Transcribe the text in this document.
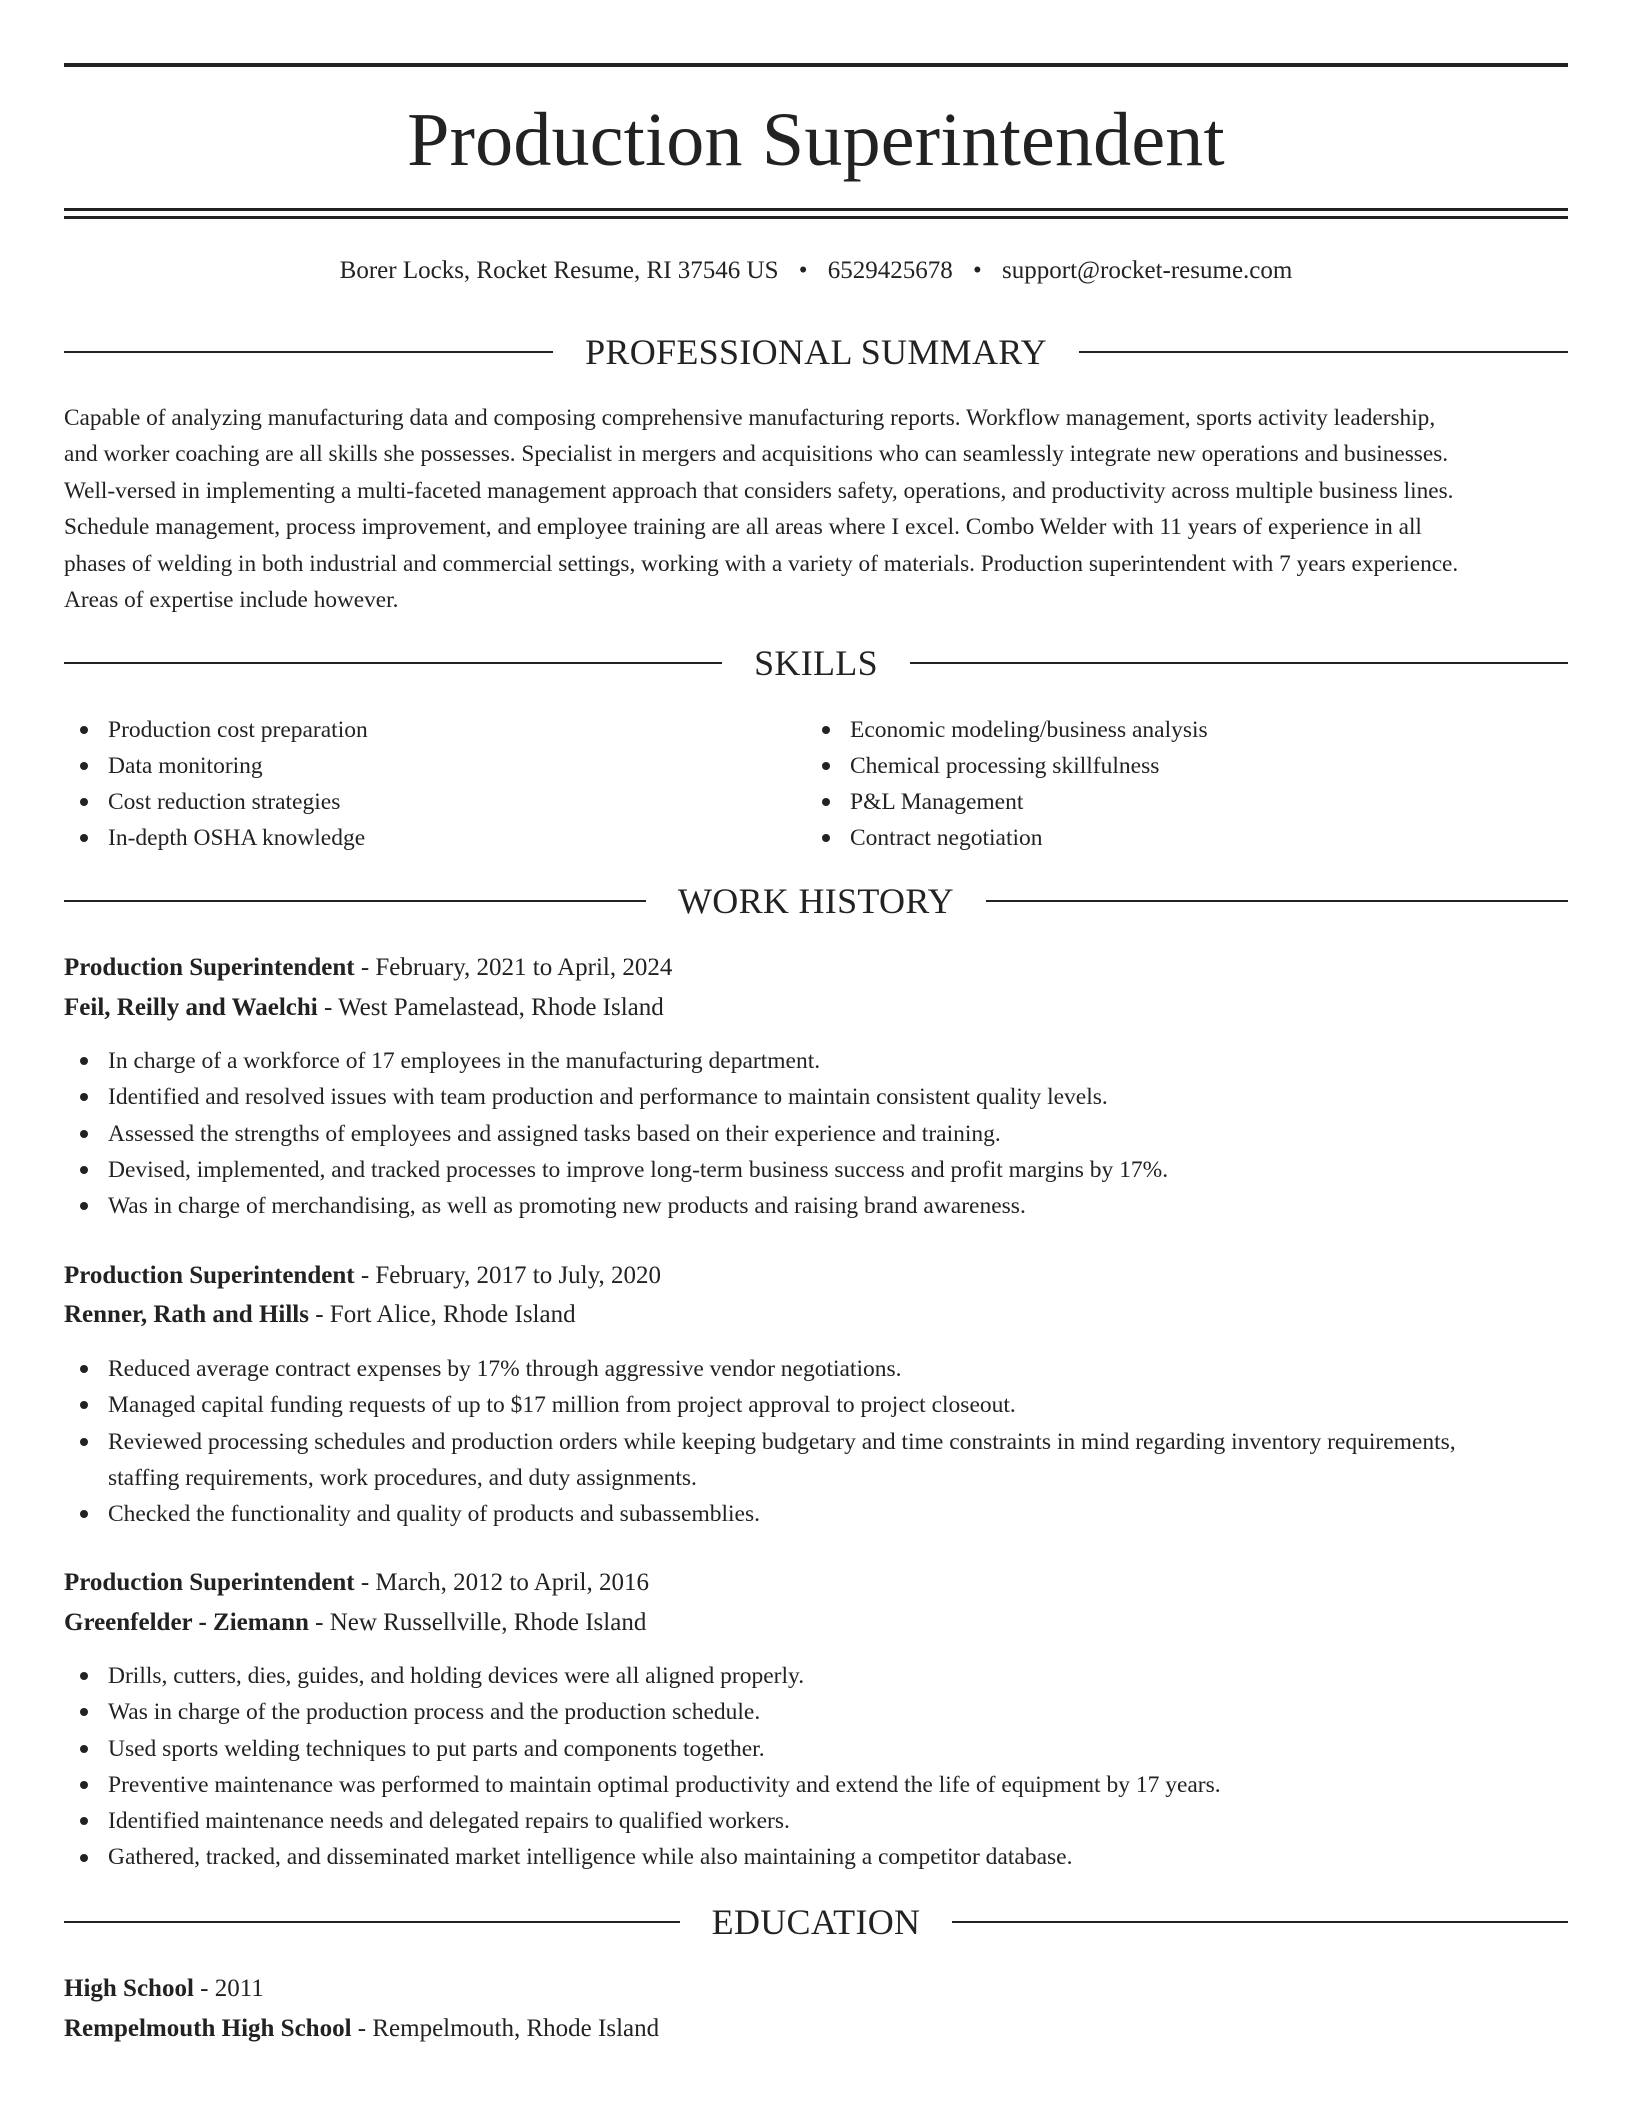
Production Superintendent
Borer Locks, Rocket Resume, RI 37546 US • 6529425678 • support@rocket-resume.com
PROFESSIONAL SUMMARY
Capable of analyzing manufacturing data and composing comprehensive manufacturing reports. Workflow management, sports activity leadership,
and worker coaching are all skills she possesses. Specialist in mergers and acquisitions who can seamlessly integrate new operations and businesses.
Well-versed in implementing a multi-faceted management approach that considers safety, operations, and productivity across multiple business lines.
Schedule management, process improvement, and employee training are all areas where I excel. Combo Welder with 11 years of experience in all
phases of welding in both industrial and commercial settings, working with a variety of materials. Production superintendent with 7 years experience.
Areas of expertise include however.
SKILLS
Production cost preparation
Data monitoring
Cost reduction strategies
In-depth OSHA knowledge
Economic modeling/business analysis
Chemical processing skillfulness
P&L Management
Contract negotiation
WORK HISTORY
Production Superintendent - February, 2021 to April, 2024
Feil, Reilly and Waelchi - West Pamelastead, Rhode Island
In charge of a workforce of 17 employees in the manufacturing department.
Identified and resolved issues with team production and performance to maintain consistent quality levels.
Assessed the strengths of employees and assigned tasks based on their experience and training.
Devised, implemented, and tracked processes to improve long-term business success and profit margins by 17%.
Was in charge of merchandising, as well as promoting new products and raising brand awareness.
Production Superintendent - February, 2017 to July, 2020
Renner, Rath and Hills - Fort Alice, Rhode Island
Reduced average contract expenses by 17% through aggressive vendor negotiations.
Managed capital funding requests of up to $17 million from project approval to project closeout.
Reviewed processing schedules and production orders while keeping budgetary and time constraints in mind regarding inventory requirements,
staffing requirements, work procedures, and duty assignments.
Checked the functionality and quality of products and subassemblies.
Production Superintendent - March, 2012 to April, 2016
Greenfelder - Ziemann - New Russellville, Rhode Island
Drills, cutters, dies, guides, and holding devices were all aligned properly.
Was in charge of the production process and the production schedule.
Used sports welding techniques to put parts and components together.
Preventive maintenance was performed to maintain optimal productivity and extend the life of equipment by 17 years.
Identified maintenance needs and delegated repairs to qualified workers.
Gathered, tracked, and disseminated market intelligence while also maintaining a competitor database.
EDUCATION
High School - 2011
Rempelmouth High School - Rempelmouth, Rhode Island
